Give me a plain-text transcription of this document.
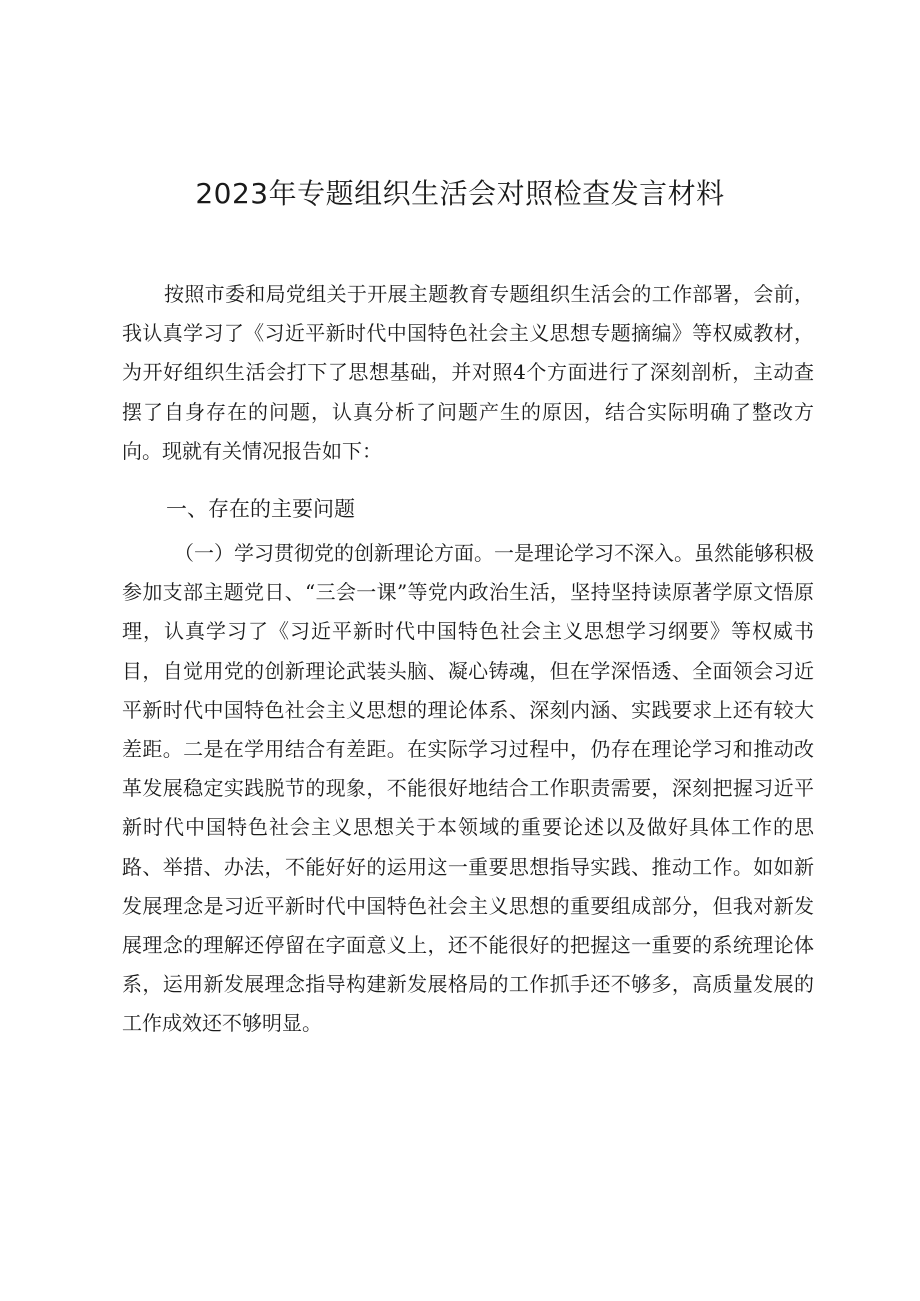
2023年专题组织生活会对照检查发言材料

按照市委和局党组关于开展主题教育专题组织生活会的工作部署，会前，我认真学习了《习近平新时代中国特色社会主义思想专题摘编》等权威教材，为开好组织生活会打下了思想基础，并对照4个方面进行了深刻剖析，主动查摆了自身存在的问题，认真分析了问题产生的原因，结合实际明确了整改方向。现就有关情况报告如下：

一、存在的主要问题

（一）学习贯彻党的创新理论方面。一是理论学习不深入。虽然能够积极参加支部主题党日、“三会一课”等党内政治生活，坚持坚持读原著学原文悟原理，认真学习了《习近平新时代中国特色社会主义思想学习纲要》等权威书目，自觉用党的创新理论武装头脑、凝心铸魂，但在学深悟透、全面领会习近平新时代中国特色社会主义思想的理论体系、深刻内涵、实践要求上还有较大差距。二是在学用结合有差距。在实际学习过程中，仍存在理论学习和推动改革发展稳定实践脱节的现象，不能很好地结合工作职责需要，深刻把握习近平新时代中国特色社会主义思想关于本领域的重要论述以及做好具体工作的思路、举措、办法，不能好好的运用这一重要思想指导实践、推动工作。如如新发展理念是习近平新时代中国特色社会主义思想的重要组成部分，但我对新发展理念的理解还停留在字面意义上，还不能很好的把握这一重要的系统理论体系，运用新发展理念指导构建新发展格局的工作抓手还不够多，高质量发展的工作成效还不够明显。
